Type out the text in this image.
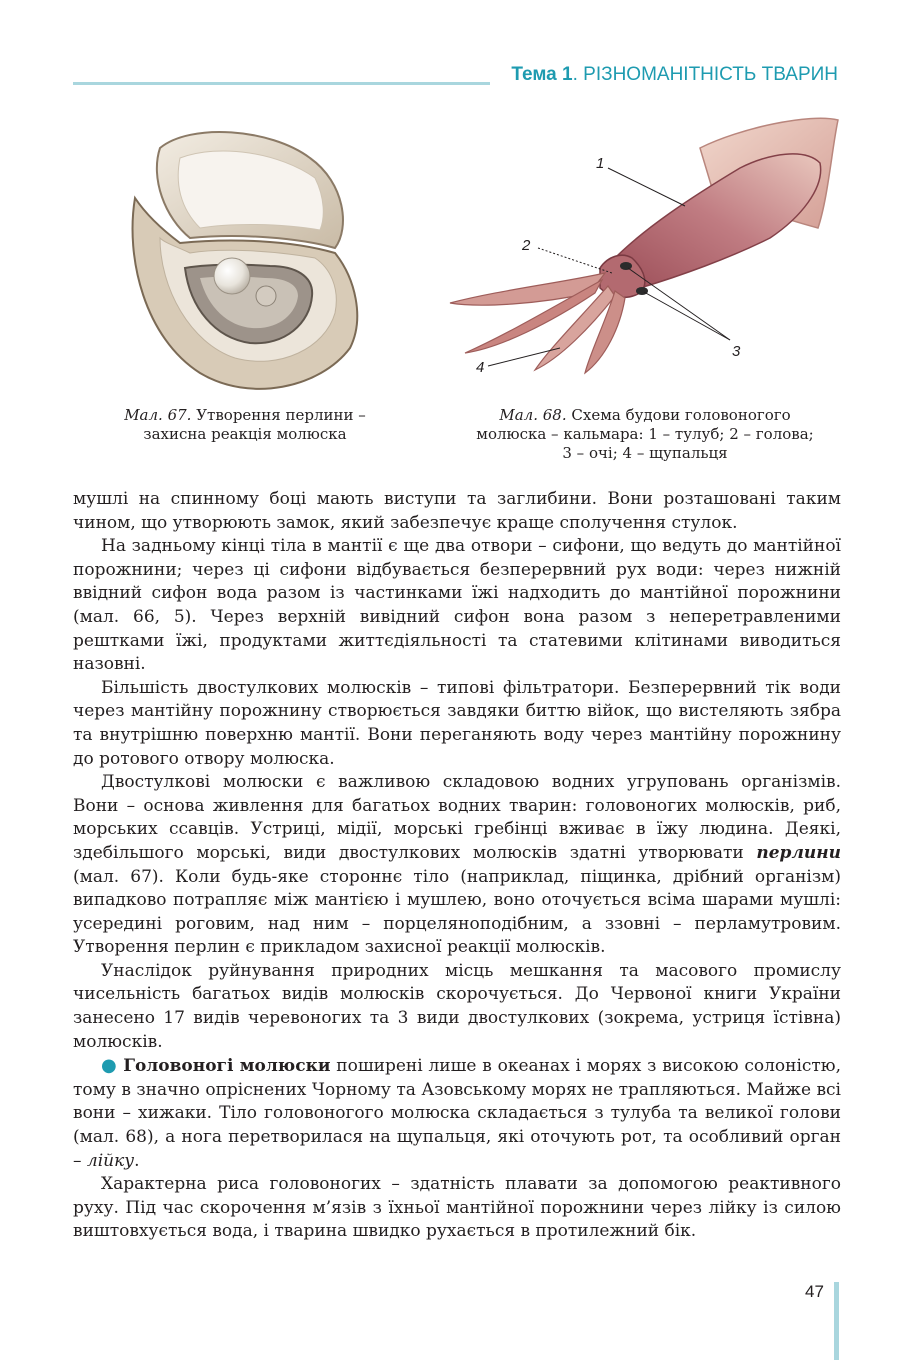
Тема 1. РІЗНОМАНІТНІСТЬ ТВАРИН
1
2
3
4
Мал. 67. Утворення перлини – захисна реакція молюска
Мал. 68. Схема будови головоногого молюска – кальмара: 1 – тулуб; 2 – голова; 3 – очі; 4 – щупальця

мушлі на спинному боці мають виступи та заглибини. Вони розташовані таким чином, що утворюють замок, який забезпечує краще сполучення стулок.

На задньому кінці тіла в мантії є ще два отвори – сифони, що ведуть до мантійної порожнини; через ці сифони відбувається безперервний рух води: через нижній ввідний сифон вода разом із частинками їжі надходить до мантійної порожнини (мал. 66, 5). Через верхній вивідний сифон вона разом з неперетравленими рештками їжі, продуктами життєдіяльності та статевими клітинами виводиться назовні.

Більшість двостулкових молюсків – типові фільтратори. Безперервний тік води через мантійну порожнину створюється завдяки биттю війок, що вистеляють зябра та внутрішню поверхню мантії. Вони переганяють воду через мантійну порожнину до ротового отвору молюска.

Двостулкові молюски є важливою складовою водних угруповань організмів. Вони – основа живлення для багатьох водних тварин: головоногих молюсків, риб, морських ссавців. Устриці, мідії, морські гребінці вживає в їжу людина. Деякі, здебільшого морські, види двостулкових молюсків здатні утворювати перлини (мал. 67). Коли будь-яке стороннє тіло (наприклад, піщинка, дрібний організм) випадково потрапляє між мантією і мушлею, воно оточується всіма шарами мушлі: усередині роговим, над ним – порцеляноподібним, а ззовні – перламутровим. Утворення перлин є прикладом захисної реакції молюсків.

Унаслідок руйнування природних місць мешкання та масового промислу чисельність багатьох видів молюсків скорочується. До Червоної книги України занесено 17 видів черевоногих та 3 види двостулкових (зокрема, устриця їстівна) молюсків.

● Головоногі молюски поширені лише в океанах і морях з високою солоністю, тому в значно опріснених Чорному та Азовському морях не трапляються. Майже всі вони – хижаки. Тіло головоногого молюска складається з тулуба та великої голови (мал. 68), а нога перетворилася на щупальця, які оточують рот, та особливий орган – лійку.

Характерна риса головоногих – здатність плавати за допомогою реактивного руху. Під час скорочення м’язів з їхньої мантійної порожнини через лійку із силою виштовхується вода, і тварина швидко рухається в протилежний бік.

47
